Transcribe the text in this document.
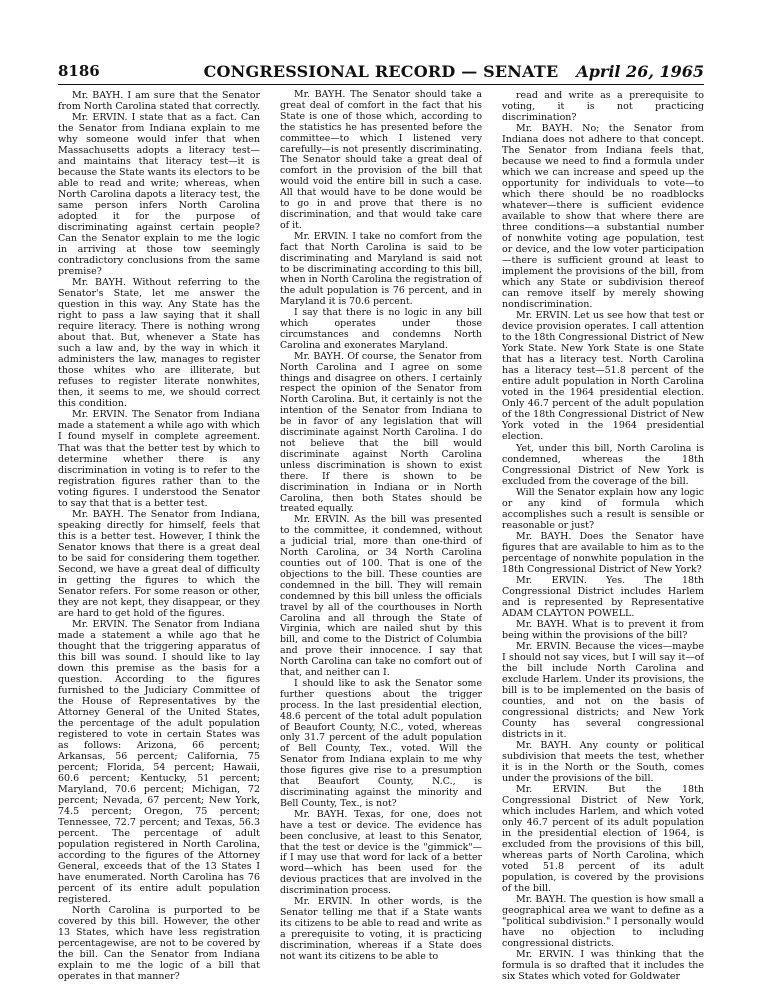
8186	CONGRESSIONAL RECORD — SENATE	April 26, 1965

Mr. BAYH. I am sure that the Senator from North Carolina stated that correctly.

Mr. ERVIN. I state that as a fact. Can the Senator from Indiana explain to me why someone would infer that when Massachusetts adopts a literacy test—and maintains that literacy test—it is because the State wants its electors to be able to read and write; whereas, when North Carolina dapots a literacy test, the same person infers North Carolina adopted it for the purpose of discriminating against certain people? Can the Senator explain to me the logic in arriving at those tow seemingly contradictory conclusions from the same premise?

Mr. BAYH. Without referring to the Senator's State, let me answer the question in this way. Any State has the right to pass a law saying that it shall require literacy. There is nothing wrong about that. But, whenever a State has such a law and, by the way in which it administers the law, manages to register those whites who are illiterate, but refuses to register literate nonwhites, then, it seems to me, we should correct this condition.

Mr. ERVIN. The Senator from Indiana made a statement a while ago with which I found myself in complete agreement. That was that the better test by which to determine whether there is any discrimination in voting is to refer to the registration figures rather than to the voting figures. I understood the Senator to say that that is a better test.

Mr. BAYH. The Senator from Indiana, speaking directly for himself, feels that this is a better test. However, I think the Senator knows that there is a great deal to be said for considering them together. Second, we have a great deal of difficulty in getting the figures to which the Senator refers. For some reason or other, they are not kept, they disappear, or they are hard to get hold of the figures.

Mr. ERVIN. The Senator from Indiana made a statement a while ago that he thought that the triggering apparatus of this bill was sound. I should like to lay down this premise as the basis for a question. According to the figures furnished to the Judiciary Committee of the House of Representatives by the Attorney General of the United States, the percentage of the adult population registered to vote in certain States was as follows: Arizona, 66 percent; Arkansas, 56 percent; California, 75 percent; Florida, 54 percent; Hawaii, 60.6 percent; Kentucky, 51 percent; Maryland, 70.6 percent; Michigan, 72 percent; Nevada, 67 percent; New York, 74.5 percent; Oregon, 75 percent; Tennessee, 72.7 percent; and Texas, 56.3 percent. The percentage of adult population registered in North Carolina, according to the figures of the Attorney General, exceeds that of the 13 States I have enumerated. North Carolina has 76 percent of its entire adult population registered.

North Carolina is purported to be covered by this bill. However, the other 13 States, which have less registration percentagewise, are not to be covered by the bill. Can the Senator from Indiana explain to me the logic of a bill that operates in that manner?

Mr. BAYH. The Senator should take a great deal of comfort in the fact that his State is one of those which, according to the statistics he has presented before the committee—to which I listened very carefully—is not presently discriminating. The Senator should take a great deal of comfort in the provision of the bill that would void the entire bill in such a case. All that would have to be done would be to go in and prove that there is no discrimination, and that would take care of it.

Mr. ERVIN. I take no comfort from the fact that North Carolina is said to be discriminating and Maryland is said not to be discriminating according to this bill, when in North Carolina the registration of the adult population is 76 percent, and in Maryland it is 70.6 percent.

I say that there is no logic in any bill which operates under those circumstances and condemns North Carolina and exonerates Maryland.

Mr. BAYH. Of course, the Senator from North Carolina and I agree on some things and disagree on others. I certainly respect the opinion of the Senator from North Carolina. But, it certainly is not the intention of the Senator from Indiana to be in favor of any legislation that will discriminate against North Carolina. I do not believe that the bill would discriminate against North Carolina unless discrimination is shown to exist there. If there is shown to be discrimination in Indiana or in North Carolina, then both States should be treated equally.

Mr. ERVIN. As the bill was presented to the committee, it condemned, without a judicial trial, more than one-third of North Carolina, or 34 North Carolina counties out of 100. That is one of the objections to the bill. These counties are condemned in the bill. They will remain condemned by this bill unless the officials travel by all of the courthouses in North Carolina and all through the State of Virginia, which are nailed shut by this bill, and come to the District of Columbia and prove their innocence. I say that North Carolina can take no comfort out of that, and neither can I.

I should like to ask the Senator some further questions about the trigger process. In the last presidential election, 48.6 percent of the total adult population of Beaufort County, N.C., voted, whereas only 31.7 percent of the adult population of Bell County, Tex., voted. Will the Senator from Indiana explain to me why those figures give rise to a presumption that Beaufort County, N.C., is discriminating against the minority and Bell County, Tex., is not?

Mr. BAYH. Texas, for one, does not have a test or device. The evidence has been conclusive, at least to this Senator, that the test or device is the "gimmick"—if I may use that word for lack of a better word—which has been used for the devious practices that are involved in the discrimination process.

Mr. ERVIN. In other words, is the Senator telling me that if a State wants its citizens to be able to read and write as a prerequisite to voting, it is practicing discrimination, whereas if a State does not want its citizens to be able to

read and write as a prerequisite to voting, it is not practicing discrimination?

Mr. BAYH. No; the Senator from Indiana does not adhere to that concept. The Senator from Indiana feels that, because we need to find a formula under which we can increase and speed up the opportunity for individuals to vote—to which there should be no roadblocks whatever—there is sufficient evidence available to show that where there are three conditions—a substantial number of nonwhite voting age population, test or device, and the low voter participation—there is sufficient ground at least to implement the provisions of the bill, from which any State or subdivision thereof can remove itself by merely showing nondiscrimination.

Mr. ERVIN. Let us see how that test or device provision operates. I call attention to the 18th Congressional District of New York State. New York State is one State that has a literacy test. North Carolina has a literacy test—51.8 percent of the entire adult population in North Carolina voted in the 1964 presidential election. Only 46.7 percent of the adult population of the 18th Congressional District of New York voted in the 1964 presidential election.

Yet, under this bill, North Carolina is condemned, whereas the 18th Congressional District of New York is excluded from the coverage of the bill.

Will the Senator explain how any logic or any kind of formula which accomplishes such a result is sensible or reasonable or just?

Mr. BAYH. Does the Senator have figures that are available to him as to the percentage of nonwhite population in the 18th Congressional District of New York?

Mr. ERVIN. Yes. The 18th Congressional District includes Harlem and is represented by Representative ADAM CLAYTON POWELL.

Mr. BAYH. What is to prevent it from being within the provisions of the bill?

Mr. ERVIN. Because the vices—maybe I should not say vices, but I will say it—of the bill include North Carolina and exclude Harlem. Under its provisions, the bill is to be implemented on the basis of counties, and not on the basis of congressional districts; and New York County has several congressional districts in it.

Mr. BAYH. Any county or political subdivision that meets the test, whether it is in the North or the South, comes under the provisions of the bill.

Mr. ERVIN. But the 18th Congressional District of New York, which includes Harlem, and which voted only 46.7 percent of its adult population in the presidential election of 1964, is excluded from the provisions of this bill, whereas parts of North Carolina, which voted 51.8 percent of its adult population, is covered by the provisions of the bill.

Mr. BAYH. The question is how small a geographical area we want to define as a "political subdivision." I personally would have no objection to including congressional districts.

Mr. ERVIN. I was thinking that the formula is so drafted that it includes the six States which voted for Goldwater
